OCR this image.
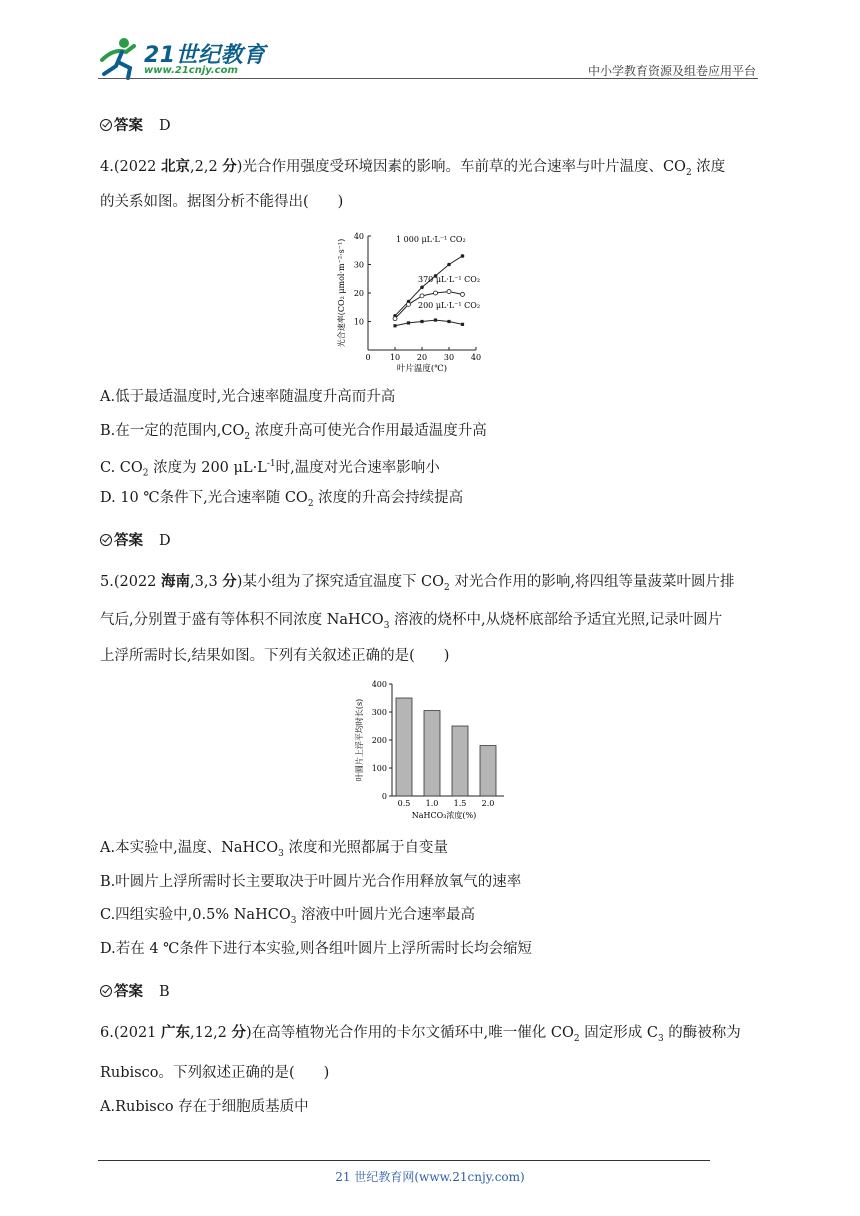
21世纪教育
www.21cnjy.com	中小学教育资源及组卷应用平台
答案 D
4.(2022 北京,2,2 分)光合作用强度受环境因素的影响。车前草的光合速率与叶片温度、$CO_2$ 浓度
的关系如图。据图分析不能得出(　　)
0 10 20 30 40
10
20
30
40
叶片温度(℃)
光合速率(CO₂ μmol·m⁻²·s⁻¹)	1 000 μL·L⁻¹ CO₂
370 μL·L⁻¹ CO₂
200 μL·L⁻¹ CO₂
A.低于最适温度时,光合速率随温度升高而升高
B.在一定的范围内$,CO_2$ 浓度升高可使光合作用最适温度升高
C. $CO_2$ 浓度为 200 $\mu L\cdot L^{-1}$时,温度对光合速率影响小
D. 10 ℃条件下,光合速率随 $CO_2$ 浓度的升高会持续提高
答案 D
5.(2022 海南,3,3 分)某小组为了探究适宜温度下 $CO_2$ 对光合作用的影响,将四组等量菠菜叶圆片排
气后,分别置于盛有等体积不同浓度 NaHCO$_3$ 溶液的烧杯中,从烧杯底部给予适宜光照,记录叶圆片
上浮所需时长,结果如图。下列有关叙述正确的是(　　)
0
100
200
300
400
0.5 1.0 1.5 2.0
NaHCO₃浓度(%)
叶圆片上浮平均时长(s)
A.本实验中,温度、NaHCO$_3$ 浓度和光照都属于自变量
B.叶圆片上浮所需时长主要取决于叶圆片光合作用释放氧气的速率
C.四组实验中,0.5% NaHCO$_3$ 溶液中叶圆片光合速率最高
D.若在 4 ℃条件下进行本实验,则各组叶圆片上浮所需时长均会缩短
答案 B
6.(2021 广东,12,2 分)在高等植物光合作用的卡尔文循环中,唯一催化 $CO_2$ 固定形成 $C_3$ 的酶被称为
Rubisco。下列叙述正确的是(　　)
A.Rubisco 存在于细胞质基质中
21 世纪教育网(www.21cnjy.com)
